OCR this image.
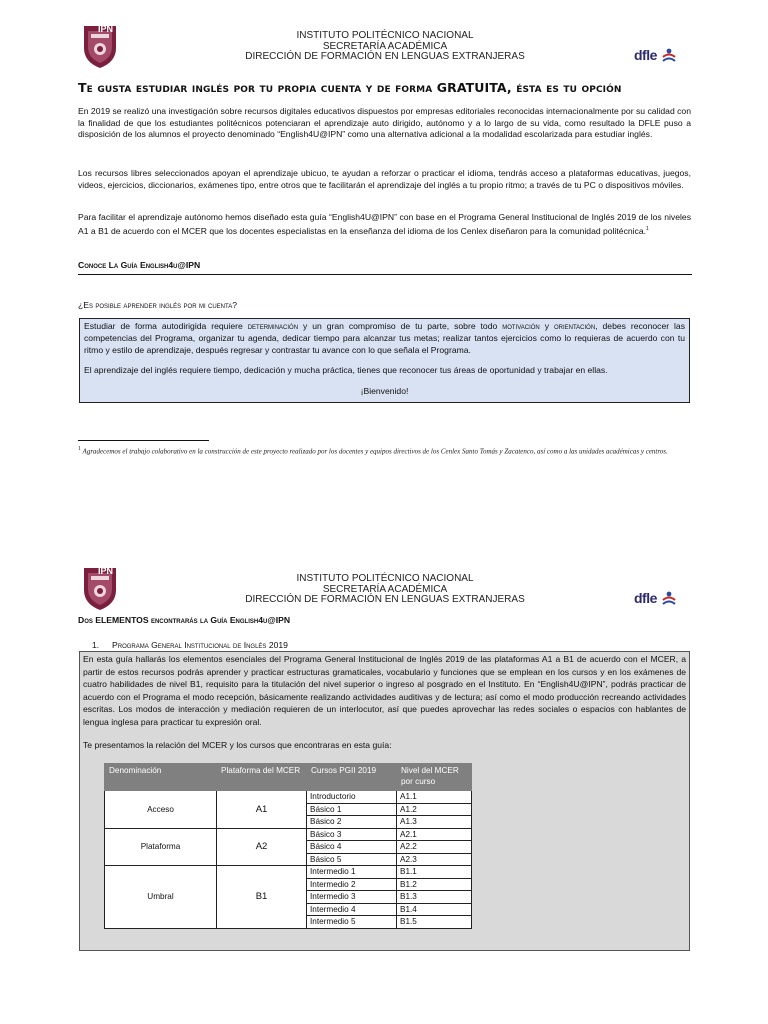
IPN
INSTITUTO POLITÉCNICO NACIONAL
SECRETARÍA ACADÉMICA
DIRECCIÓN DE FORMACIÓN EN LENGUAS EXTRANJERAS	dfle
Te gusta estudiar inglés por tu propia cuenta y de forma GRATUITA, ésta es tu opción
En 2019 se realizó una investigación sobre recursos digitales educativos dispuestos por empresas editoriales reconocidas internacionalmente por su calidad con la finalidad de que los estudiantes politécnicos potenciaran el aprendizaje auto dirigido, autónomo y a lo largo de su vida, como resultado la DFLE puso a disposición de los alumnos el proyecto denominado “English4U@IPN” como una alternativa adicional a la modalidad escolarizada para estudiar inglés.
Los recursos libres seleccionados apoyan el aprendizaje ubicuo, te ayudan a reforzar o practicar el idioma, tendrás acceso a plataformas educativas, juegos, videos, ejercicios, diccionarios, exámenes tipo, entre otros que te facilitarán el aprendizaje del inglés a tu propio ritmo; a través de tu PC o dispositivos móviles.
Para facilitar el aprendizaje autónomo hemos diseñado esta guía “English4U@IPN” con base en el Programa General Institucional de Inglés 2019 de los niveles A1 a B1 de acuerdo con el MCER que los docentes especialistas en la enseñanza del idioma de los Cenlex diseñaron para la comunidad politécnica.$^1$
Conoce La Guía English4u@IPN
¿Es posible aprender inglés por mi cuenta?

Estudiar de forma autodirigida requiere determinación y un gran compromiso de tu parte, sobre todo motivación y orientación, debes reconocer las competencias del Programa, organizar tu agenda, dedicar tiempo para alcanzar tus metas; realizar tantos ejercicios como lo requieras de acuerdo con tu ritmo y estilo de aprendizaje, después regresar y contrastar tu avance con lo que señala el Programa.

El aprendizaje del inglés requiere tiempo, dedicación y mucha práctica, tienes que reconocer tus áreas de oportunidad y trabajar en ellas.

¡Bienvenido!

$^1$ Agradecemos el trabajo colaborativo en la construcción de este proyecto realizado por los docentes y equipos directivos de los Cenlex Santo Tomás y Zacatenco, así como a las unidades académicas y centros.
IPN
INSTITUTO POLITÉCNICO NACIONAL
SECRETARÍA ACADÉMICA
DIRECCIÓN DE FORMACIÓN EN LENGUAS EXTRANJERAS	dfle
Dos ELEMENTOS encontrarás la Guía English4u@IPN
1. Programa General Institucional de Inglés 2019

En esta guía hallarás los elementos esenciales del Programa General Institucional de Inglés 2019 de las plataformas A1 a B1 de acuerdo con el MCER, a partir de estos recursos podrás aprender y practicar estructuras gramaticales, vocabulario y funciones que se emplean en los cursos y en los exámenes de cuatro habilidades de nivel B1, requisito para la titulación del nivel superior o ingreso al posgrado en el Instituto. En “English4U@IPN”, podrás practicar de acuerdo con el Programa el modo recepción, básicamente realizando actividades auditivas y de lectura; así como el modo producción recreando actividades escritas. Los modos de interacción y mediación requieren de un interlocutor, así que puedes aprovechar las redes sociales o espacios con hablantes de lengua inglesa para practicar tu expresión oral.

Te presentamos la relación del MCER y los cursos que encontraras en esta guía:
Denominación	Plataforma del MCER	Cursos PGII 2019	Nivel del MCER por curso
Acceso	A1	Introductorio	A1.1
		Básico 1	A1.2
		Básico 2	A1.3
Plataforma	A2	Básico 3	A2.1
		Básico 4	A2.2
		Básico 5	A2.3
Umbral	B1	Intermedio 1	B1.1
		Intermedio 2	B1.2
		Intermedio 3	B1.3
		Intermedio 4	B1.4
		Intermedio 5	B1.5
